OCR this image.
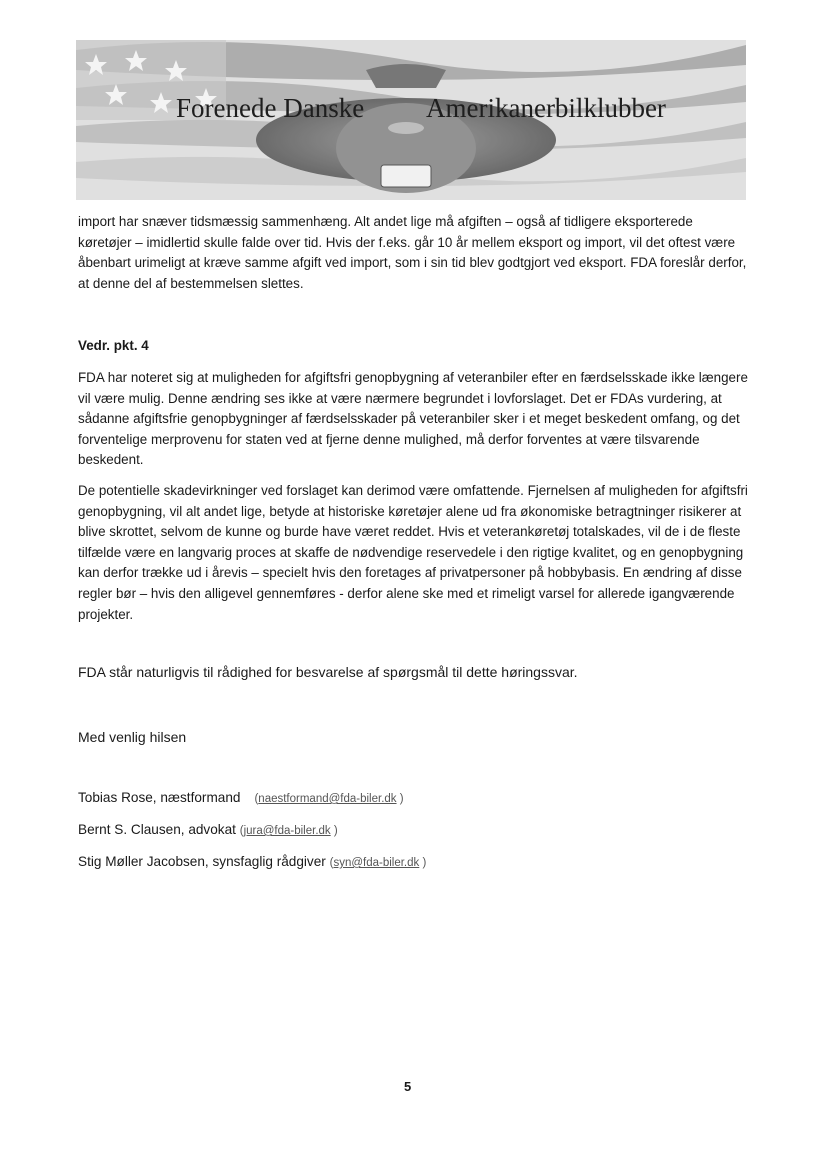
Forenede Danske Amerikanerbilklubber
import har snæver tidsmæssig sammenhæng. Alt andet lige må afgiften – også af tidligere eksporterede køretøjer – imidlertid skulle falde over tid. Hvis der f.eks. går 10 år mellem eksport og import, vil det oftest være åbenbart urimeligt at kræve samme afgift ved import, som i sin tid blev godtgjort ved eksport. FDA foreslår derfor, at denne del af bestemmelsen slettes.
Vedr. pkt. 4
FDA har noteret sig at muligheden for afgiftsfri genopbygning af veteranbiler efter en færdselsskade ikke længere vil være mulig. Denne ændring ses ikke at være nærmere begrundet i lovforslaget. Det er FDAs vurdering, at sådanne afgiftsfrie genopbygninger af færdselsskader på veteranbiler sker i et meget beskedent omfang, og det forventelige merprovenu for staten ved at fjerne denne mulighed, må derfor forventes at være tilsvarende beskedent.
De potentielle skadevirkninger ved forslaget kan derimod være omfattende. Fjernelsen af muligheden for afgiftsfri genopbygning, vil alt andet lige, betyde at historiske køretøjer alene ud fra økonomiske betragtninger risikerer at blive skrottet, selvom de kunne og burde have været reddet. Hvis et veterankøretøj totalskades, vil de i de fleste tilfælde være en langvarig proces at skaffe de nødvendige reservedele i den rigtige kvalitet, og en genopbygning kan derfor trække ud i årevis – specielt hvis den foretages af privatpersoner på hobbybasis. En ændring af disse regler bør – hvis den alligevel gennemføres - derfor alene ske med et rimeligt varsel for allerede igangværende projekter.
FDA står naturligvis til rådighed for besvarelse af spørgsmål til dette høringssvar.
Med venlig hilsen
Tobias Rose, næstformand (naestformand@fda-biler.dk )
Bernt S. Clausen, advokat (jura@fda-biler.dk )
Stig Møller Jacobsen, synsfaglig rådgiver (syn@fda-biler.dk )
5
